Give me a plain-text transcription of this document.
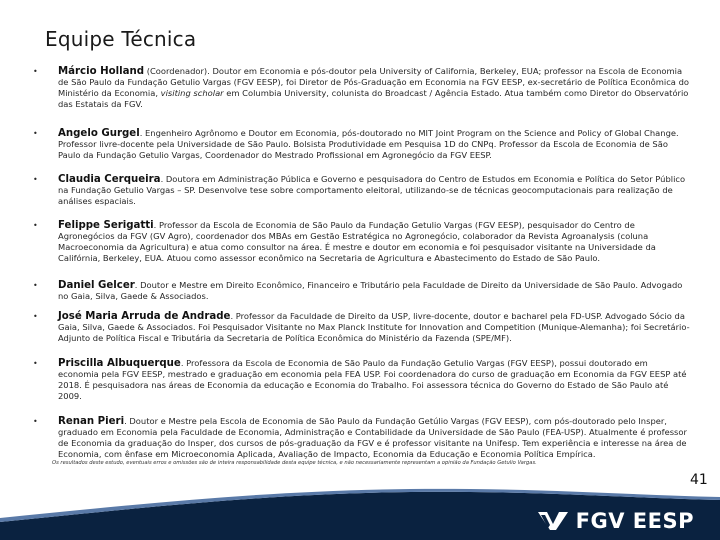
Equipe Técnica
• Márcio Holland (Coordenador). Doutor em Economia e pós-doutor pela University of California, Berkeley, EUA; professor na Escola de Economia de São Paulo da Fundação Getulio Vargas (FGV EESP), foi Diretor de Pós-Graduação em Economia na FGV EESP, ex-secretário de Política Econômica do Ministério da Economia, visiting scholar em Columbia University, colunista do Broadcast / Agência Estado. Atua também como Diretor do Observatório das Estatais da FGV.
• Angelo Gurgel. Engenheiro Agrônomo e Doutor em Economia, pós-doutorado no MIT Joint Program on the Science and Policy of Global Change. Professor livre-docente pela Universidade de São Paulo. Bolsista Produtividade em Pesquisa 1D do CNPq. Professor da Escola de Economia de São Paulo da Fundação Getulio Vargas, Coordenador do Mestrado Profissional em Agronegócio da FGV EESP.
• Claudia Cerqueira. Doutora em Administração Pública e Governo e pesquisadora do Centro de Estudos em Economia e Política do Setor Público na Fundação Getulio Vargas – SP. Desenvolve tese sobre comportamento eleitoral, utilizando-se de técnicas geocomputacionais para realização de análises espaciais.
• Felippe Serigatti. Professor da Escola de Economia de São Paulo da Fundação Getulio Vargas (FGV EESP), pesquisador do Centro de Agronegócios da FGV (GV Agro), coordenador dos MBAs em Gestão Estratégica no Agronegócio, colaborador da Revista Agroanalysis (coluna Macroeconomia da Agricultura) e atua como consultor na área. É mestre e doutor em economia e foi pesquisador visitante na Universidade da Califórnia, Berkeley, EUA. Atuou como assessor econômico na Secretaria de Agricultura e Abastecimento do Estado de São Paulo.
• Daniel Gelcer. Doutor e Mestre em Direito Econômico, Financeiro e Tributário pela Faculdade de Direito da Universidade de São Paulo. Advogado no Gaia, Silva, Gaede & Associados.
• José Maria Arruda de Andrade. Professor da Faculdade de Direito da USP, livre-docente, doutor e bacharel pela FD-USP. Advogado Sócio da Gaia, Silva, Gaede & Associados. Foi Pesquisador Visitante no Max Planck Institute for Innovation and Competition (Munique-Alemanha); foi Secretário-Adjunto de Política Fiscal e Tributária da Secretaria de Política Econômica do Ministério da Fazenda (SPE/MF).
• Priscilla Albuquerque. Professora da Escola de Economia de São Paulo da Fundação Getulio Vargas (FGV EESP), possui doutorado em economia pela FGV EESP, mestrado e graduação em economia pela FEA USP. Foi coordenadora do curso de graduação em Economia da FGV EESP até 2018. É pesquisadora nas áreas de Economia da educação e Economia do Trabalho. Foi assessora técnica do Governo do Estado de São Paulo até 2009.
• Renan Pieri. Doutor e Mestre pela Escola de Economia de São Paulo da Fundação Getúlio Vargas (FGV EESP), com pós-doutorado pelo Insper, graduado em Economia pela Faculdade de Economia, Administração e Contabilidade da Universidade de São Paulo (FEA-USP). Atualmente é professor de Economia da graduação do Insper, dos cursos de pós-graduação da FGV e é professor visitante na Unifesp. Tem experiência e interesse na área de Economia, com ênfase em Microeconomia Aplicada, Avaliação de Impacto, Economia da Educação e Economia Política Empírica.
Os resultados deste estudo, eventuais erros e omissões são de inteira responsabilidade desta equipe técnica, e não necessariamente representam a opinião da Fundação Getulio Vargas.
41
FGV EESP
